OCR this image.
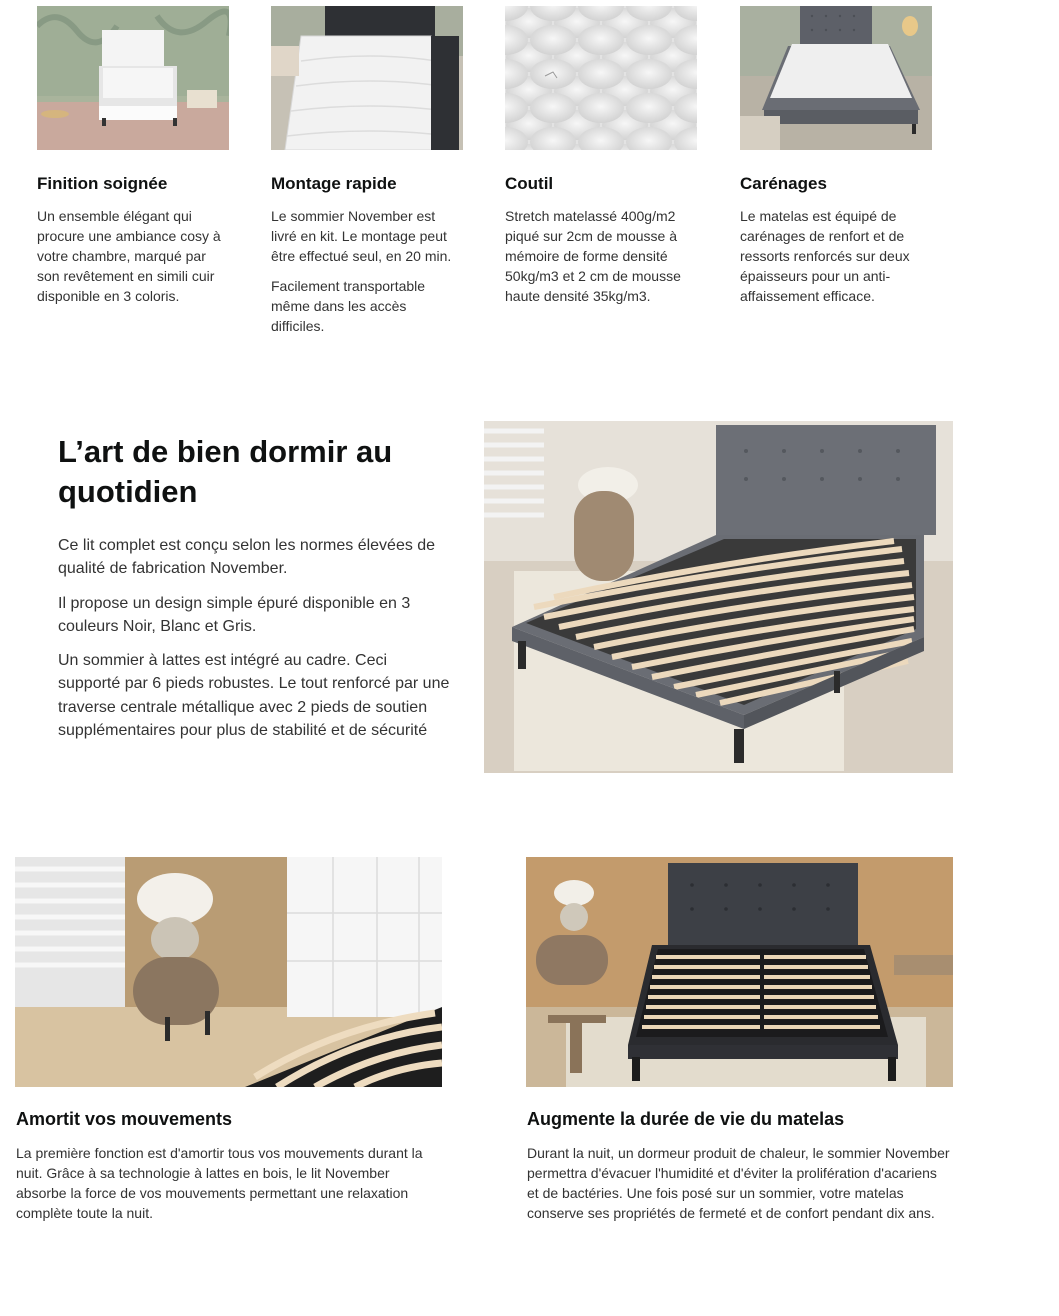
Finition soignée

Un ensemble élégant qui procure une ambiance cosy à votre chambre, marqué par son revêtement en simili cuir disponible en 3 coloris.

Montage rapide

Le sommier November est livré en kit. Le montage peut être effectué seul, en 20 min.

Facilement transportable même dans les accès difficiles.

Coutil

Stretch matelassé 400g/m2 piqué sur 2cm de mousse à mémoire de forme densité 50kg/m3 et 2 cm de mousse haute densité 35kg/m3.

Carénages

Le matelas est équipé de carénages de renfort et de ressorts renforcés sur deux épaisseurs pour un anti-affaissement efficace.

L’art de bien dormir au quotidien

Ce lit complet est conçu selon les normes élevées de qualité de fabrication November.

Il propose un design simple épuré disponible en 3 couleurs Noir, Blanc et Gris.

Un sommier à lattes est intégré au cadre. Ceci supporté par 6 pieds robustes. Le tout renforcé par une traverse centrale métallique avec 2 pieds de soutien supplémentaires pour plus de stabilité et de sécurité

Amortit vos mouvements

La première fonction est d'amortir tous vos mouvements durant la nuit. Grâce à sa technologie à lattes en bois, le lit November absorbe la force de vos mouvements permettant une relaxation complète toute la nuit.

Augmente la durée de vie du matelas

Durant la nuit, un dormeur produit de chaleur, le sommier November permettra d'évacuer l'humidité et d'éviter la prolifération d'acariens et de bactéries. Une fois posé sur un sommier, votre matelas conserve ses propriétés de fermeté et de confort pendant dix ans.
